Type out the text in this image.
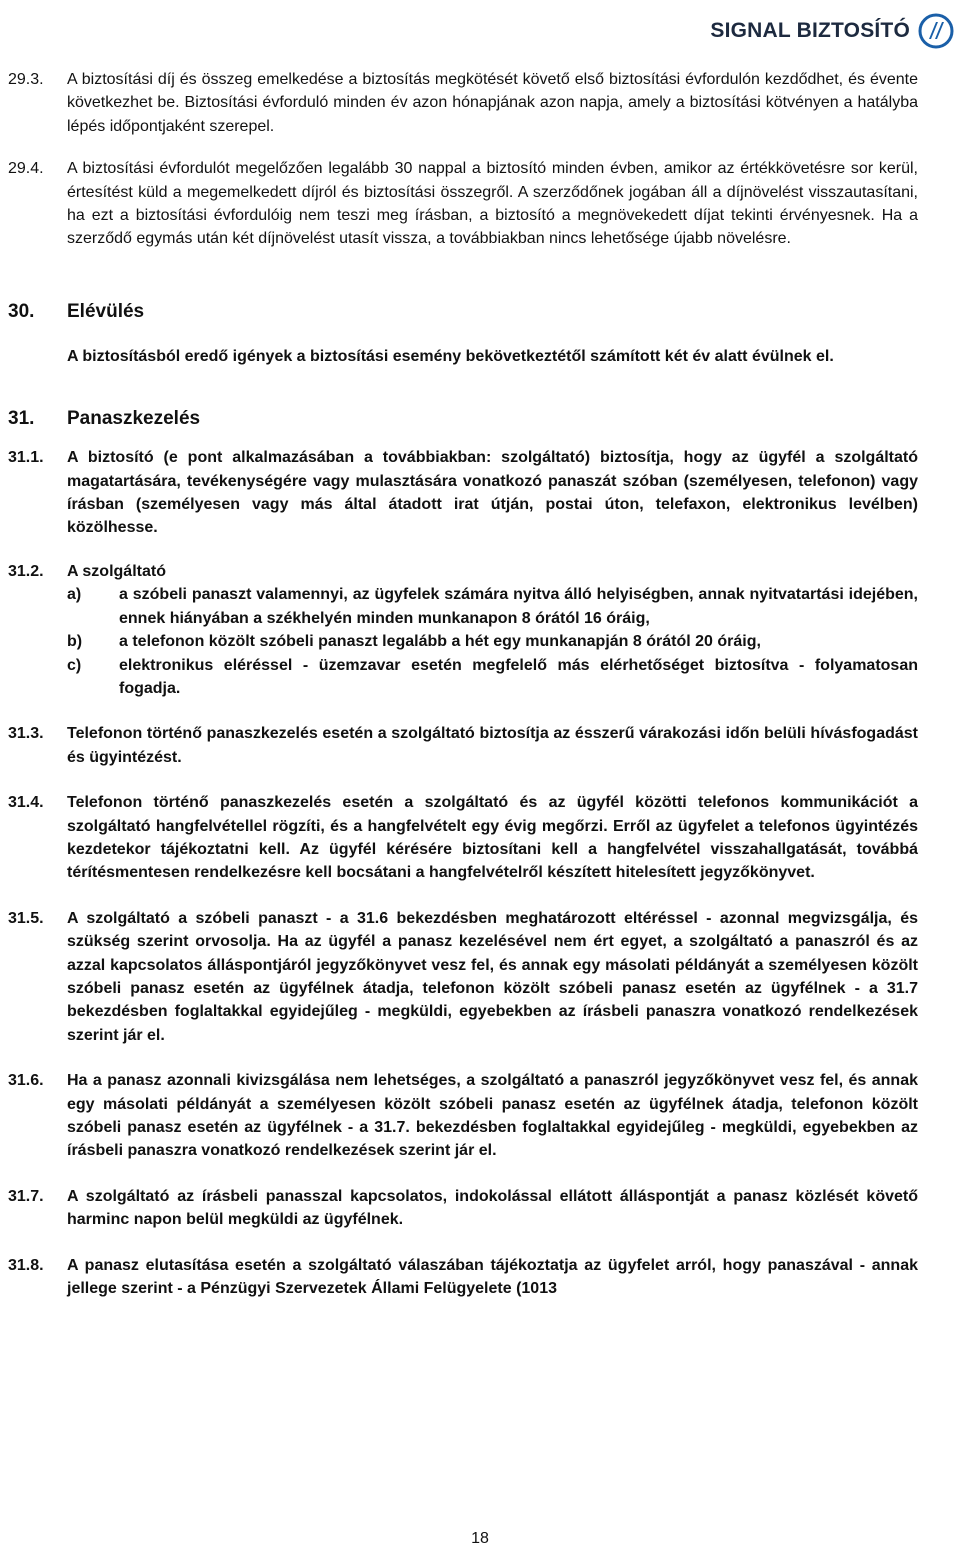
SIGNAL BIZTOSÍTÓ
29.3.	A biztosítási díj és összeg emelkedése a biztosítás megkötését követő első biztosítási évfordulón kezdődhet, és évente következhet be. Biztosítási évforduló minden év azon hónapjának azon napja, amely a biztosítási kötvényen a hatályba lépés időpontjaként szerepel.
29.4.	A biztosítási évfordulót megelőzően legalább 30 nappal a biztosító minden évben, amikor az értékkövetésre sor kerül, értesítést küld a megemelkedett díjról és biztosítási összegről. A szerződőnek jogában áll a díjnövelést visszautasítani, ha ezt a biztosítási évfordulóig nem teszi meg írásban, a biztosító a megnövekedett díjat tekinti érvényesnek. Ha a szerződő egymás után két díjnövelést utasít vissza, a továbbiakban nincs lehetősége újabb növelésre.
30.	Elévülés
A biztosításból eredő igények a biztosítási esemény bekövetkeztétől számított két év alatt évülnek el.
31.	Panaszkezelés
31.1.	A biztosító (e pont alkalmazásában a továbbiakban: szolgáltató) biztosítja, hogy az ügyfél a szolgáltató magatartására, tevékenységére vagy mulasztására vonatkozó panaszát szóban (személyesen, telefonon) vagy írásban (személyesen vagy más által átadott irat útján, postai úton, telefaxon, elektronikus levélben) közölhesse.
31.2.	A szolgáltató
a)	a szóbeli panaszt valamennyi, az ügyfelek számára nyitva álló helyiségben, annak nyitvatartási idejében, ennek hiányában a székhelyén minden munkanapon 8 órától 16 óráig,
b)	a telefonon közölt szóbeli panaszt legalább a hét egy munkanapján 8 órától 20 óráig,
c)	elektronikus eléréssel - üzemzavar esetén megfelelő más elérhetőséget biztosítva - folyamatosan fogadja.
31.3.	Telefonon történő panaszkezelés esetén a szolgáltató biztosítja az ésszerű várakozási időn belüli hívásfogadást és ügyintézést.
31.4.	Telefonon történő panaszkezelés esetén a szolgáltató és az ügyfél közötti telefonos kommunikációt a szolgáltató hangfelvétellel rögzíti, és a hangfelvételt egy évig megőrzi. Erről az ügyfelet a telefonos ügyintézés kezdetekor tájékoztatni kell. Az ügyfél kérésére biztosítani kell a hangfelvétel visszahallgatását, továbbá térítésmentesen rendelkezésre kell bocsátani a hangfelvételről készített hitelesített jegyzőkönyvet.
31.5.	A szolgáltató a szóbeli panaszt - a 31.6 bekezdésben meghatározott eltéréssel - azonnal megvizsgálja, és szükség szerint orvosolja. Ha az ügyfél a panasz kezelésével nem ért egyet, a szolgáltató a panaszról és az azzal kapcsolatos álláspontjáról jegyzőkönyvet vesz fel, és annak egy másolati példányát a személyesen közölt szóbeli panasz esetén az ügyfélnek átadja, telefonon közölt szóbeli panasz esetén az ügyfélnek - a 31.7 bekezdésben foglaltakkal egyidejűleg - megküldi, egyebekben az írásbeli panaszra vonatkozó rendelkezések szerint jár el.
31.6.	Ha a panasz azonnali kivizsgálása nem lehetséges, a szolgáltató a panaszról jegyzőkönyvet vesz fel, és annak egy másolati példányát a személyesen közölt szóbeli panasz esetén az ügyfélnek átadja, telefonon közölt szóbeli panasz esetén az ügyfélnek - a 31.7. bekezdésben foglaltakkal egyidejűleg - megküldi, egyebekben az írásbeli panaszra vonatkozó rendelkezések szerint jár el.
31.7.	A szolgáltató az írásbeli panasszal kapcsolatos, indokolással ellátott álláspontját a panasz közlését követő harminc napon belül megküldi az ügyfélnek.
31.8.	A panasz elutasítása esetén a szolgáltató válaszában tájékoztatja az ügyfelet arról, hogy panaszával - annak jellege szerint - a Pénzügyi Szervezetek Állami Felügyelete (1013
18
